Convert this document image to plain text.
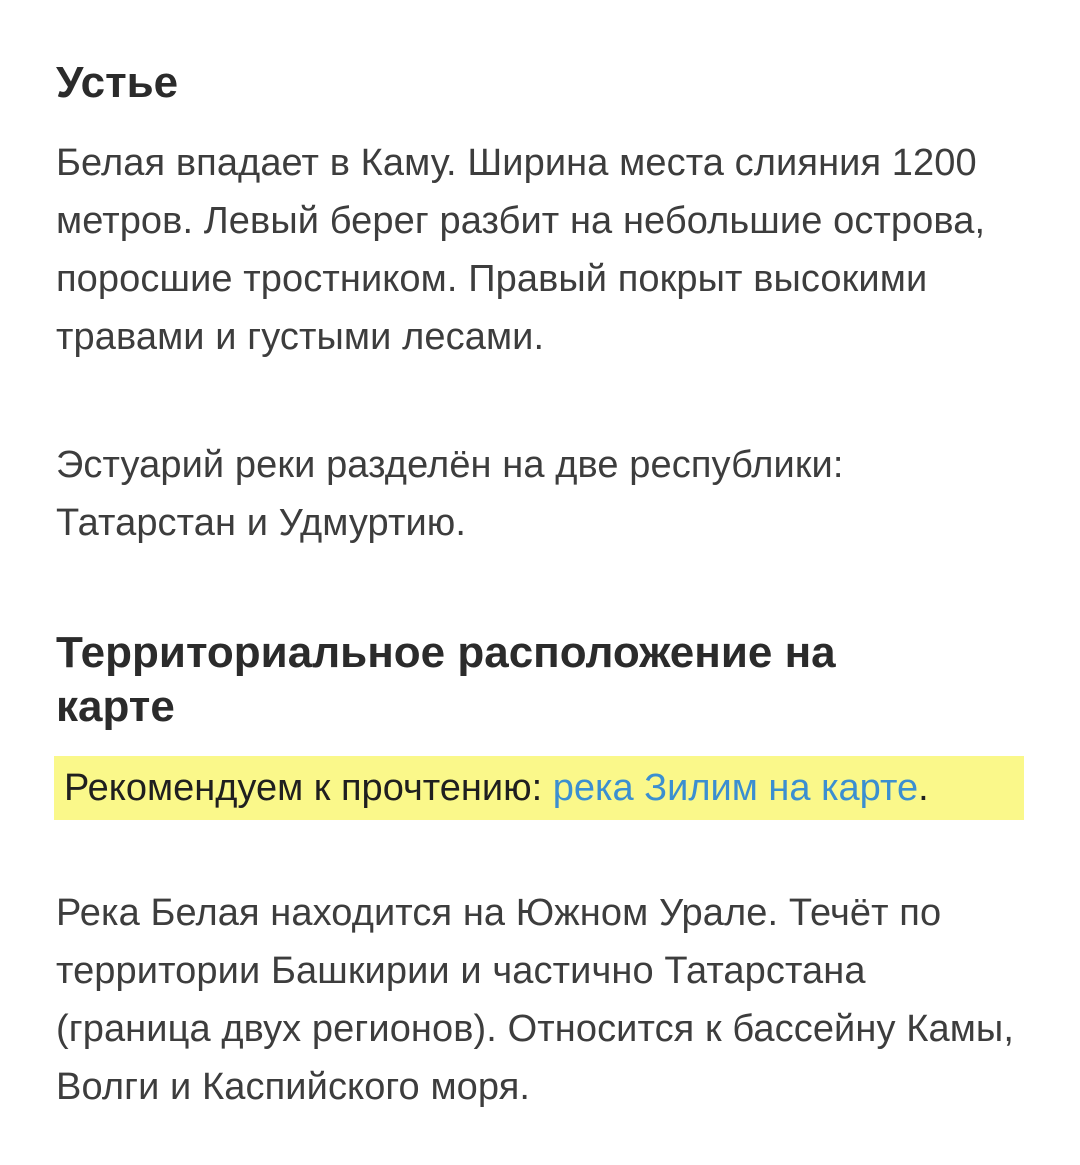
Устье

Белая впадает в Каму. Ширина места слияния 1200 метров. Левый берег разбит на небольшие острова, поросшие тростником. Правый покрыт высокими травами и густыми лесами.

Эстуарий реки разделён на две республики: Татарстан и Удмуртию.

Территориальное расположение на карте
Рекомендуем к прочтению: река Зилим на карте.

Река Белая находится на Южном Урале. Течёт по территории Башкирии и частично Татарстана (граница двух регионов). Относится к бассейну Камы, Волги и Каспийского моря.
